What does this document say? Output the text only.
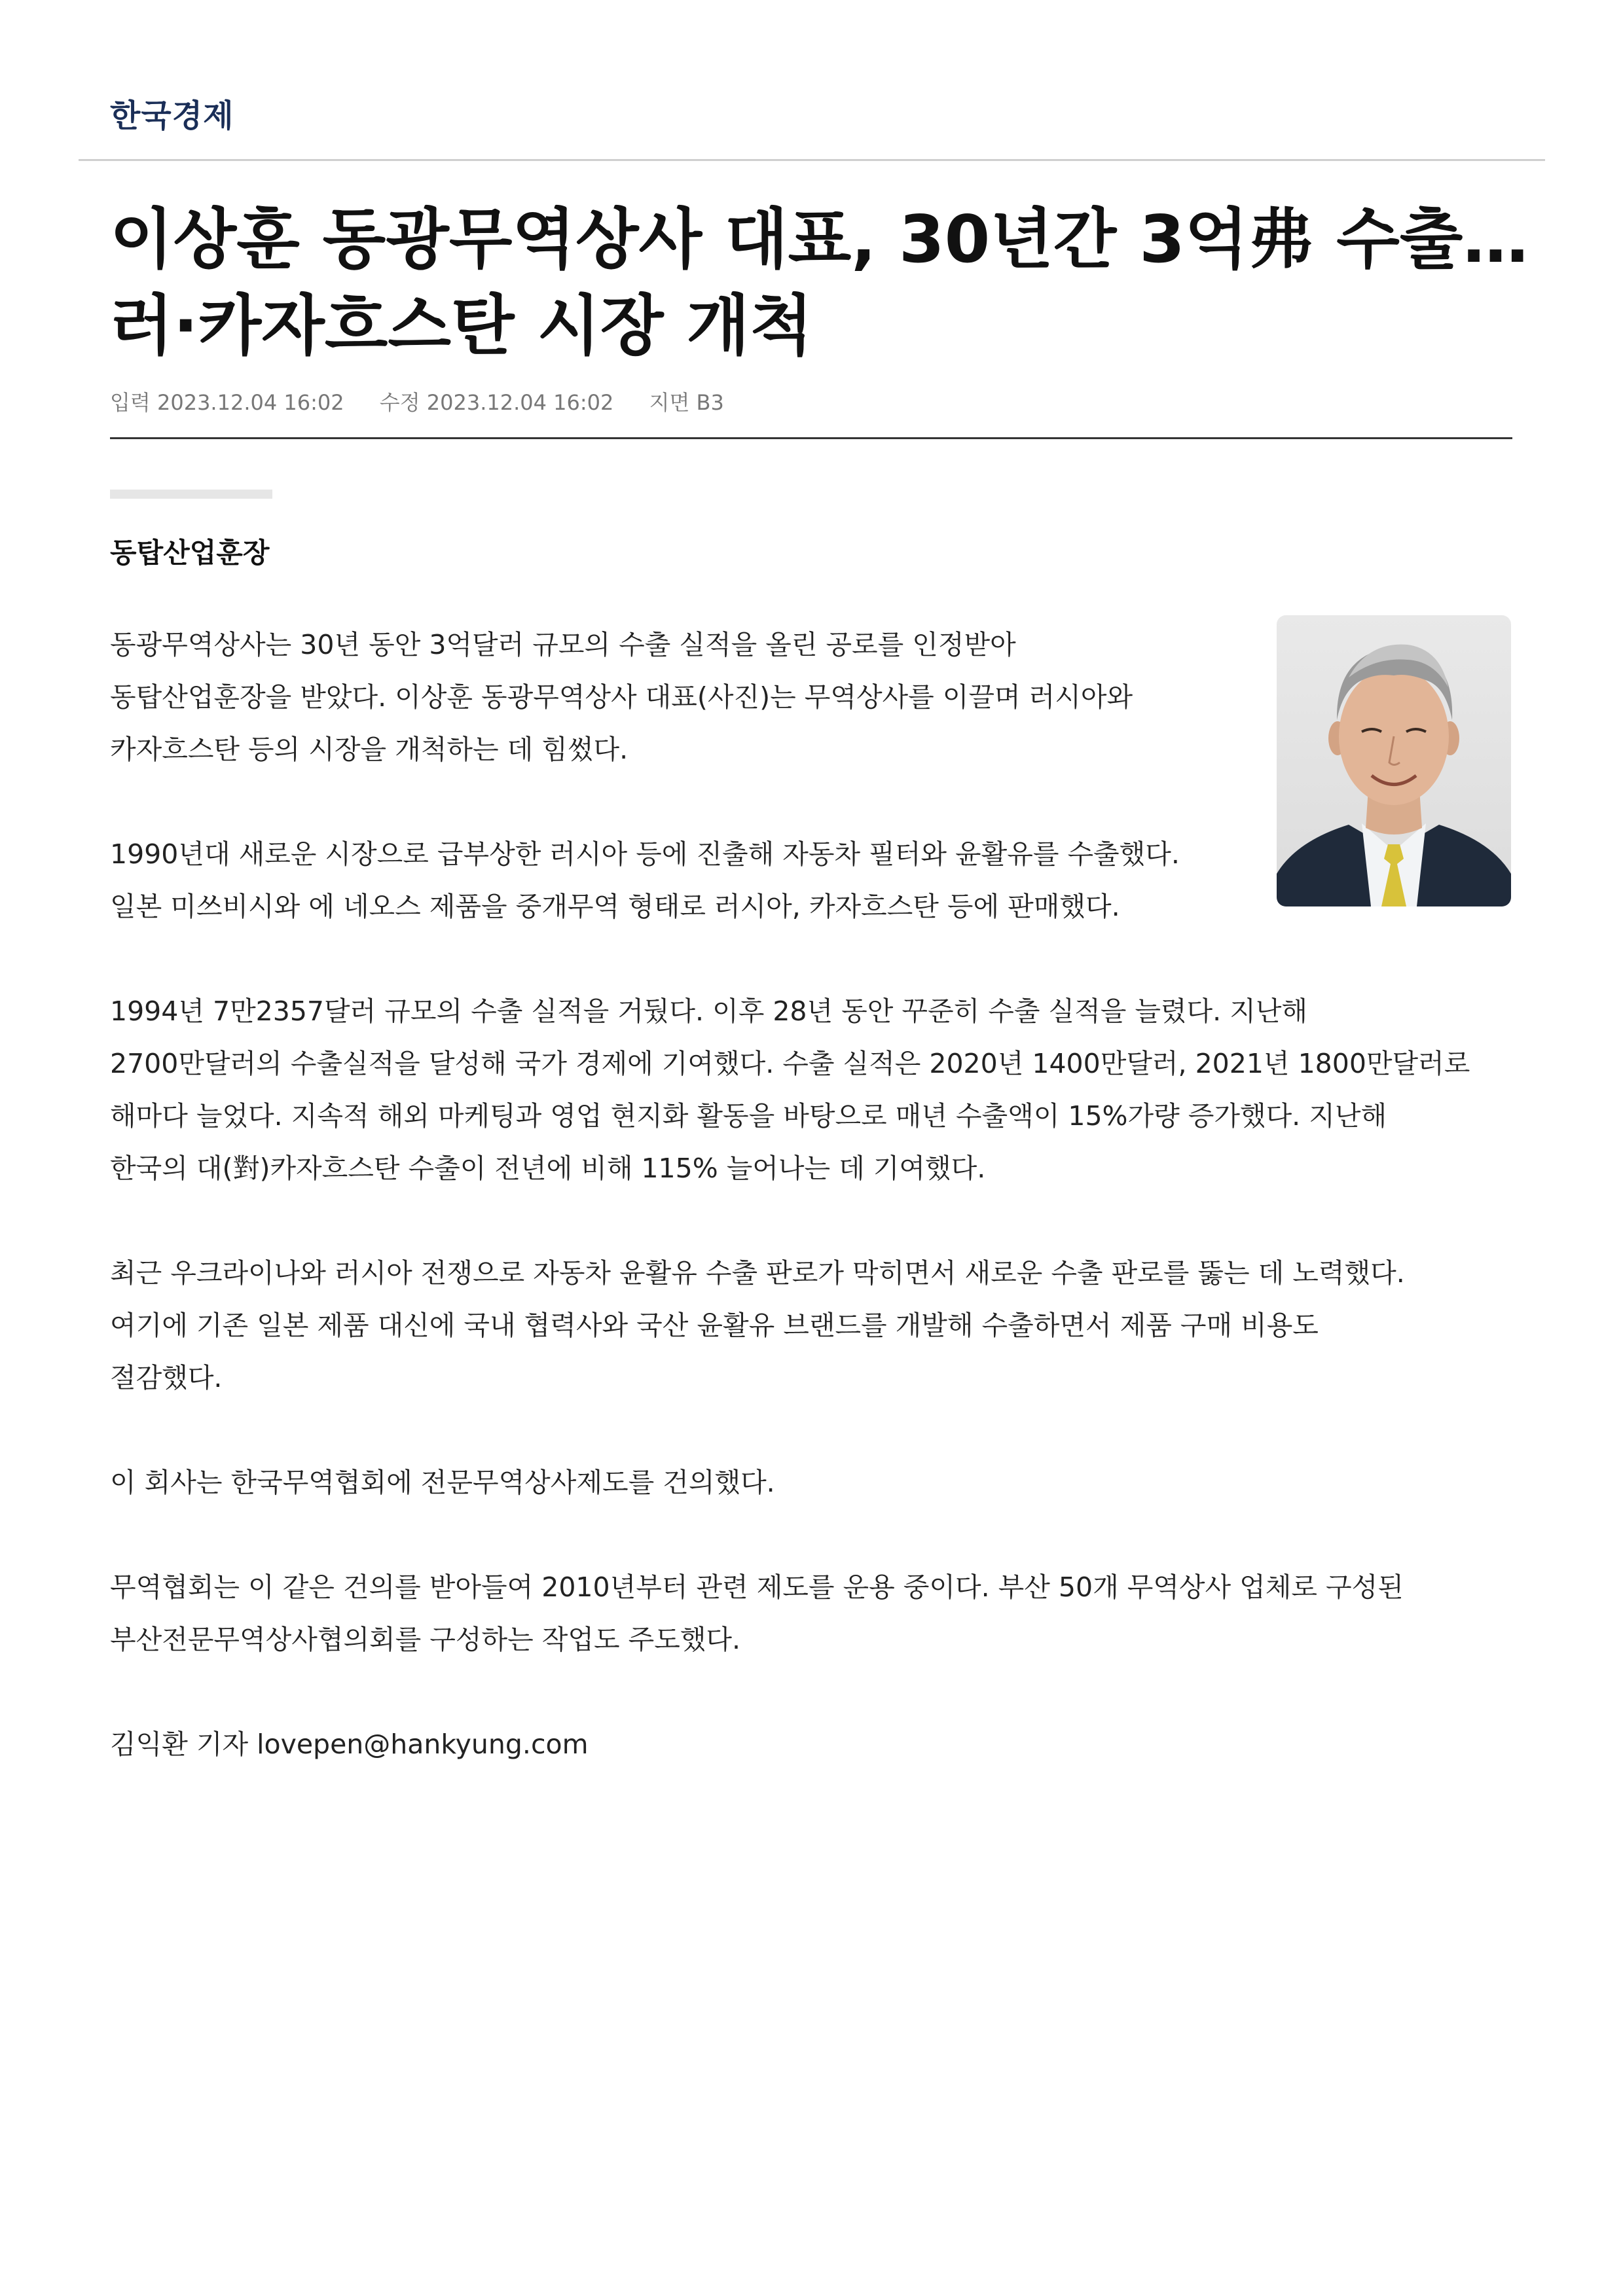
한국경제
이상훈 동광무역상사 대표, 30년간 3억弗 수출…
러·카자흐스탄 시장 개척
입력 2023.12.04 16:02 수정 2023.12.04 16:02 지면 B3
동탑산업훈장
동광무역상사는 30년 동안 3억달러 규모의 수출 실적을 올린 공로를 인정받아
동탑산업훈장을 받았다. 이상훈 동광무역상사 대표(사진)는 무역상사를 이끌며 러시아와
카자흐스탄 등의 시장을 개척하는 데 힘썼다.
1990년대 새로운 시장으로 급부상한 러시아 등에 진출해 자동차 필터와 윤활유를 수출했다.
일본 미쓰비시와 에 네오스 제품을 중개무역 형태로 러시아, 카자흐스탄 등에 판매했다.
1994년 7만2357달러 규모의 수출 실적을 거뒀다. 이후 28년 동안 꾸준히 수출 실적을 늘렸다. 지난해
2700만달러의 수출실적을 달성해 국가 경제에 기여했다. 수출 실적은 2020년 1400만달러, 2021년 1800만달러로
해마다 늘었다. 지속적 해외 마케팅과 영업 현지화 활동을 바탕으로 매년 수출액이 15%가량 증가했다. 지난해
한국의 대(對)카자흐스탄 수출이 전년에 비해 115% 늘어나는 데 기여했다.
최근 우크라이나와 러시아 전쟁으로 자동차 윤활유 수출 판로가 막히면서 새로운 수출 판로를 뚫는 데 노력했다.
여기에 기존 일본 제품 대신에 국내 협력사와 국산 윤활유 브랜드를 개발해 수출하면서 제품 구매 비용도
절감했다.
이 회사는 한국무역협회에 전문무역상사제도를 건의했다.
무역협회는 이 같은 건의를 받아들여 2010년부터 관련 제도를 운용 중이다. 부산 50개 무역상사 업체로 구성된
부산전문무역상사협의회를 구성하는 작업도 주도했다.
김익환 기자 lovepen@hankyung.com
